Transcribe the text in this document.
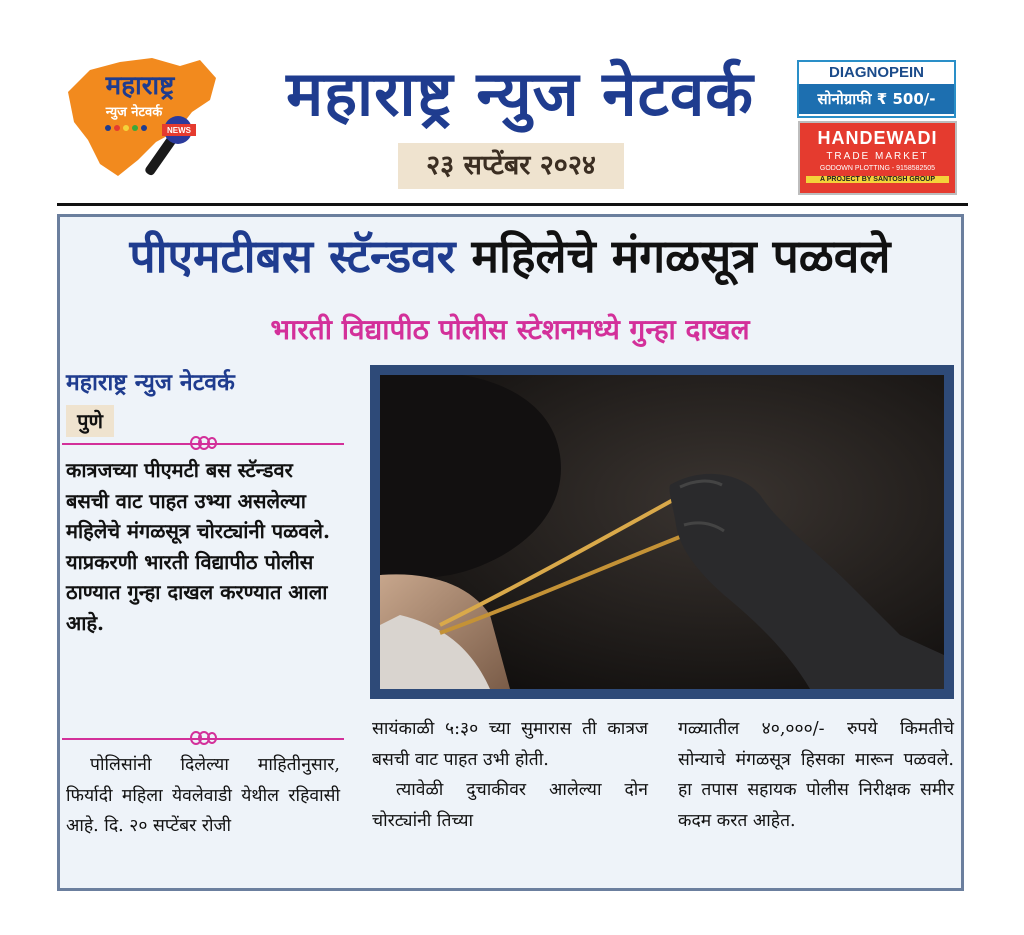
महाराष्ट्र
न्युज नेटवर्क
NEWS
महाराष्ट्र न्युज नेटवर्क
२३ सप्टेंबर २०२४
DIAGNOPEIN
सोनोग्राफी ₹ 500/-
HANDEWADI
TRADE MARKET
GODOWN PLOTTING - 9158582505
A PROJECT BY SANTOSH GROUP
पीएमटीबस स्टॅन्डवर महिलेचे मंगळसूत्र पळवले
भारती विद्यापीठ पोलीस स्टेशनमध्ये गुन्हा दाखल
महाराष्ट्र न्युज नेटवर्क
पुणे
कात्रजच्या पीएमटी बस स्टॅन्डवर बसची वाट पाहत उभ्या असलेल्या महिलेचे मंगळसूत्र चोरट्यांनी पळवले. याप्रकरणी भारती विद्यापीठ पोलीस ठाण्यात गुन्हा दाखल करण्यात आला आहे.
पोलिसांनी दिलेल्या माहितीनुसार, फिर्यादी महिला येवलेवाडी येथील रहिवासी आहे. दि. २० सप्टेंबर रोजी

सायंकाळी ५:३० च्या सुमारास ती कात्रज बसची वाट पाहत उभी होती.

त्यावेळी दुचाकीवर आलेल्या दोन चोरट्यांनी तिच्या

गळ्यातील ४०,०००/- रुपये किमतीचे सोन्याचे मंगळसूत्र हिसका मारून पळवले. हा तपास सहायक पोलीस निरीक्षक समीर कदम करत आहेत.
